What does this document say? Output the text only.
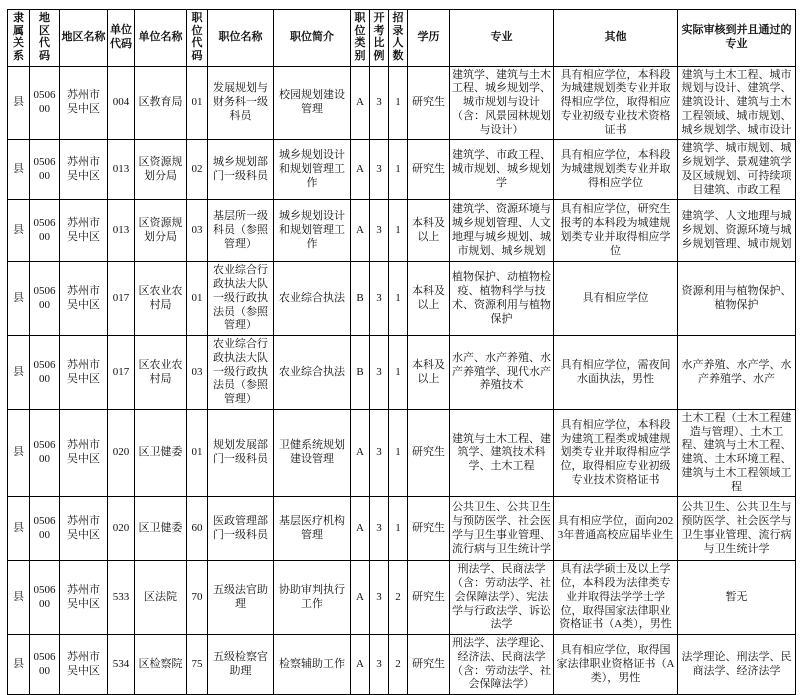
隶属关系	地区代码	地区名称	单位代码	单位名称	职位代码	职位名称	职位简介	职位类别	开考比例	招录人数	学历	专业	其他	实际审核到并且通过的专业
县	050600	苏州市吴中区	004	区教育局	01	发展规划与财务科一级科员	校园规划建设管理	A	3	1	研究生	建筑学、建筑与土木工程、城乡规划学、城市规划与设计（含：风景园林规划与设计）	具有相应学位，本科段为城建规划类专业并取得相应学位，取得相应专业初级专业技术资格证书	建筑与土木工程、城市规划与设计、建筑学、建筑设计、建筑与土木工程领域、城市规划、城乡规划学、城市设计
县	050600	苏州市吴中区	013	区资源规划分局	02	城乡规划部门一级科员	城乡规划设计和规划管理工作	A	3	1	研究生	建筑学、市政工程、城市规划、城乡规划学	具有相应学位，本科段为城建规划类专业并取得相应学位	建筑学、城市规划、城乡规划学、景观建筑学及区域规划、可持续项目建筑、市政工程
县	050600	苏州市吴中区	013	区资源规划分局	03	基层所一级科员（参照管理）	城乡规划设计和规划管理工作	A	3	1	本科及以上	建筑学、资源环境与城乡规划管理、人文地理与城乡规划、城市规划、城乡规划	具有相应学位，研究生报考的本科段为城建规划类专业并取得相应学位	建筑学、人文地理与城乡规划、资源环境与城乡规划管理、城市规划
县	050600	苏州市吴中区	017	区农业农村局	01	农业综合行政执法大队一级行政执法员（参照管理）	农业综合执法	B	3	1	本科及以上	植物保护、动植物检疫、植物科学与技术、资源利用与植物保护	具有相应学位	资源利用与植物保护、植物保护
县	050600	苏州市吴中区	017	区农业农村局	03	农业综合行政执法大队一级行政执法员（参照管理）	农业综合执法	B	3	1	本科及以上	水产、水产养殖、水产养殖学、现代水产养殖技术	具有相应学位，需夜间水面执法，男性	水产养殖、水产学、水产养殖学、水产
县	050600	苏州市吴中区	020	区卫健委	01	规划发展部门一级科员	卫健系统规划建设管理	A	3	1	研究生	建筑与土木工程、建筑学、建筑技术科学、土木工程	具有相应学位，本科段为建筑工程类或城建规划类专业并取得相应学位，取得相应专业初级专业技术资格证书	土木工程（土木工程建造与管理）、土木工程、建筑与土木工程、建筑、土木环境工程、建筑与土木工程领域工程
县	050600	苏州市吴中区	020	区卫健委	60	医政管理部门一级科员	基层医疗机构管理	A	3	1	研究生	公共卫生、公共卫生与预防医学、社会医学与卫生事业管理、流行病与卫生统计学	具有相应学位，面向2023年普通高校应届毕业生	公共卫生、公共卫生与预防医学、社会医学与卫生事业管理、流行病与卫生统计学
县	050600	苏州市吴中区	533	区法院	70	五级法官助理	协助审判执行工作	A	3	2	研究生	刑法学、民商法学（含：劳动法学、社会保障法学）、宪法学与行政法学、诉讼法学	具有法学硕士及以上学位，本科段为法律类专业并取得法学学士学位，取得国家法律职业资格证书（A类），男性	暂无
县	050600	苏州市吴中区	534	区检察院	75	五级检察官助理	检察辅助工作	A	3	2	研究生	刑法学、法学理论、经济法、民商法学（含：劳动法学、社会保障法学）	具有相应学位，取得国家法律职业资格证书（A类），男性	法学理论、刑法学、民商法学、经济法学
